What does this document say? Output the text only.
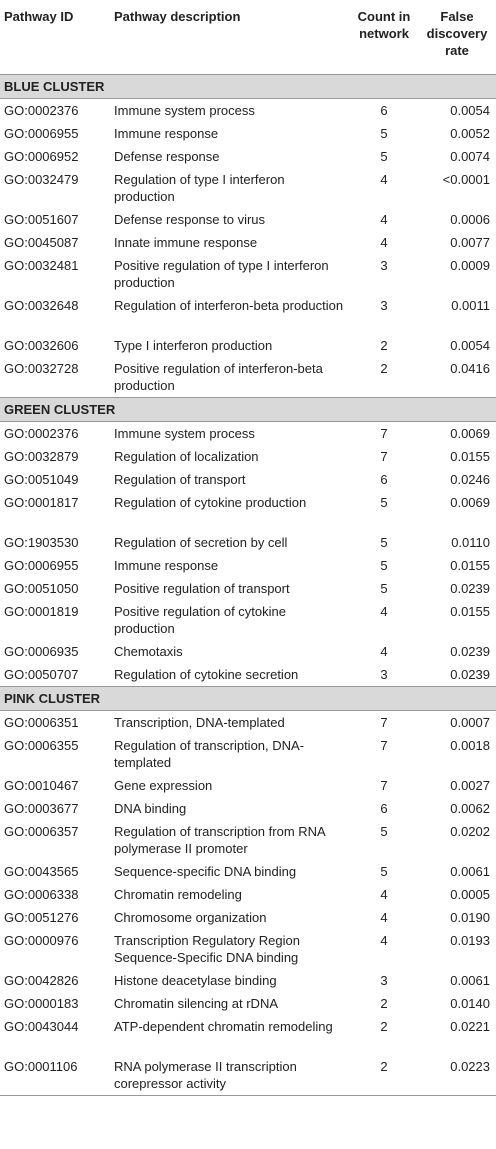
Pathway ID	Pathway description	Count in network	False discovery rate
BLUE CLUSTER			
GO:0002376	Immune system process	6	0.0054
GO:0006955	Immune response	5	0.0052
GO:0006952	Defense response	5	0.0074
GO:0032479	Regulation of type I interferon production	4	<0.0001
GO:0051607	Defense response to virus	4	0.0006
GO:0045087	Innate immune response	4	0.0077
GO:0032481	Positive regulation of type I interferon production	3	0.0009
GO:0032648	Regulation of interferon-beta production	3	0.0011
GO:0032606	Type I interferon production	2	0.0054
GO:0032728	Positive regulation of interferon-beta production	2	0.0416
GREEN CLUSTER			
GO:0002376	Immune system process	7	0.0069
GO:0032879	Regulation of localization	7	0.0155
GO:0051049	Regulation of transport	6	0.0246
GO:0001817	Regulation of cytokine production	5	0.0069
GO:1903530	Regulation of secretion by cell	5	0.0110
GO:0006955	Immune response	5	0.0155
GO:0051050	Positive regulation of transport	5	0.0239
GO:0001819	Positive regulation of cytokine production	4	0.0155
GO:0006935	Chemotaxis	4	0.0239
GO:0050707	Regulation of cytokine secretion	3	0.0239
PINK CLUSTER			
GO:0006351	Transcription, DNA-templated	7	0.0007
GO:0006355	Regulation of transcription, DNA-templated	7	0.0018
GO:0010467	Gene expression	7	0.0027
GO:0003677	DNA binding	6	0.0062
GO:0006357	Regulation of transcription from RNA polymerase II promoter	5	0.0202
GO:0043565	Sequence-specific DNA binding	5	0.0061
GO:0006338	Chromatin remodeling	4	0.0005
GO:0051276	Chromosome organization	4	0.0190
GO:0000976	Transcription Regulatory Region Sequence-Specific DNA binding	4	0.0193
GO:0042826	Histone deacetylase binding	3	0.0061
GO:0000183	Chromatin silencing at rDNA	2	0.0140
GO:0043044	ATP-dependent chromatin remodeling	2	0.0221
GO:0001106	RNA polymerase II transcription corepressor activity	2	0.0223
